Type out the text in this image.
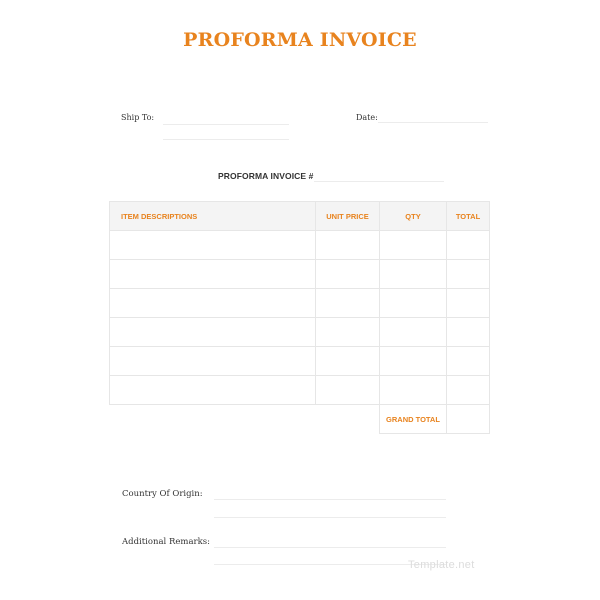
PROFORMA INVOICE
Ship To:	Date:
PROFORMA INVOICE #
ITEM DESCRIPTIONS	UNIT PRICE	QTY	TOTAL

		GRAND TOTAL	
Country Of Origin:
Additional Remarks:
Template.net
